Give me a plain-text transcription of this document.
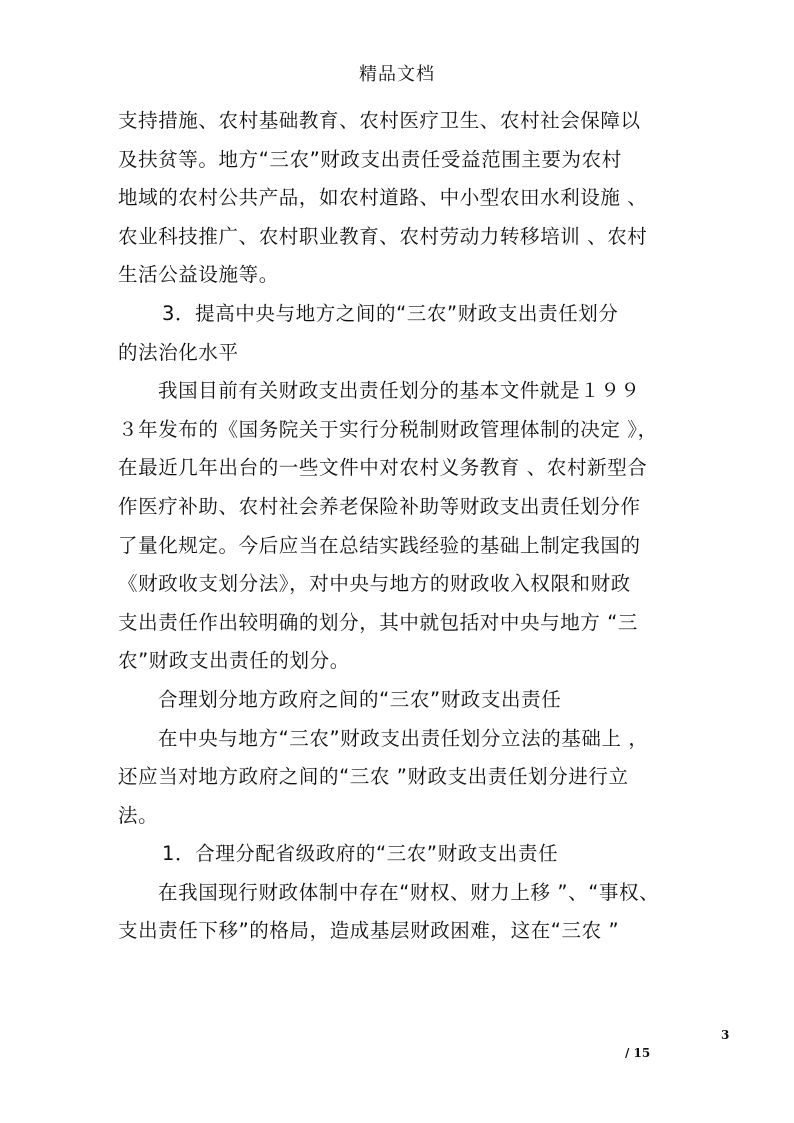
精品文档
支持措施、农村基础教育、农村医疗卫生、农村社会保障以
及扶贫等。地方“三农”财政支出责任受益范围主要为农村
地域的农村公共产品，如农村道路、中小型农田水利设施 、
农业科技推广、农村职业教育、农村劳动力转移培训 、农村
生活公益设施等。
3．提高中央与地方之间的“三农”财政支出责任划分
的法治化水平
我国目前有关财政支出责任划分的基本文件就是１９９
３年发布的《国务院关于实行分税制财政管理体制的决定 》，
在最近几年出台的一些文件中对农村义务教育 、农村新型合
作医疗补助、农村社会养老保险补助等财政支出责任划分作
了量化规定。今后应当在总结实践经验的基础上制定我国的
《财政收支划分法》，对中央与地方的财政收入权限和财政
支出责任作出较明确的划分，其中就包括对中央与地方 “三
农”财政支出责任的划分。
合理划分地方政府之间的“三农”财政支出责任
在中央与地方“三农”财政支出责任划分立法的基础上 ，
还应当对地方政府之间的“三农 ”财政支出责任划分进行立
法。
1．合理分配省级政府的“三农”财政支出责任
在我国现行财政体制中存在“财权、财力上移 ”、“事权、
支出责任下移”的格局，造成基层财政困难，这在“三农 ”
3
/ 15
